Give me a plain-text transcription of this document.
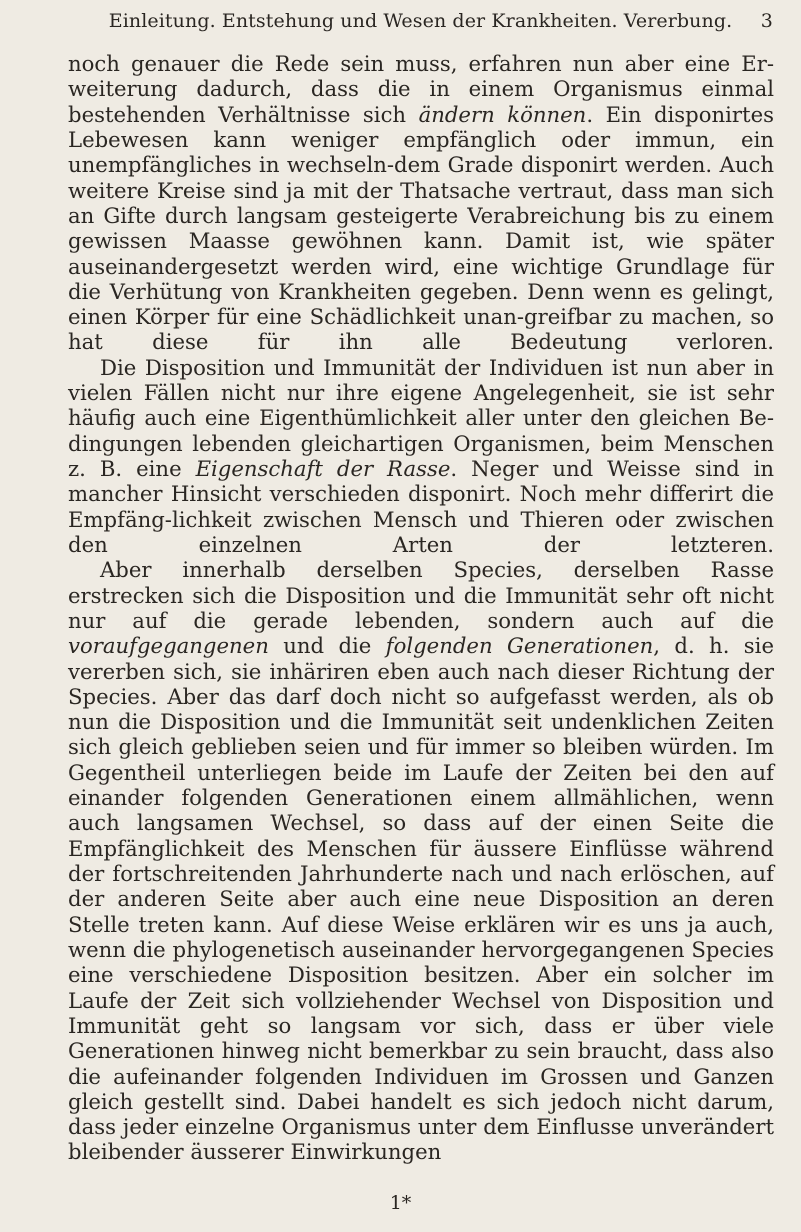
Einleitung. Entstehung und Wesen der Krankheiten. Vererbung. 3

noch genauer die Rede sein muss, erfahren nun aber eine Er-weiterung dadurch, dass die in einem Organismus einmal bestehenden Verhältnisse sich ändern können. Ein disponirtes Lebewesen kann weniger empfänglich oder immun, ein unempfängliches in wechseln-dem Grade disponirt werden. Auch weitere Kreise sind ja mit der Thatsache vertraut, dass man sich an Gifte durch langsam gesteigerte Verabreichung bis zu einem gewissen Maasse gewöhnen kann. Damit ist, wie später auseinandergesetzt werden wird, eine wichtige Grundlage für die Verhütung von Krankheiten gegeben. Denn wenn es gelingt, einen Körper für eine Schädlichkeit unan-greifbar zu machen, so hat diese für ihn alle Bedeutung verloren.

Die Disposition und Immunität der Individuen ist nun aber in vielen Fällen nicht nur ihre eigene Angelegenheit, sie ist sehr häufig auch eine Eigenthümlichkeit aller unter den gleichen Be-dingungen lebenden gleichartigen Organismen, beim Menschen z. B. eine Eigenschaft der Rasse. Neger und Weisse sind in mancher Hinsicht verschieden disponirt. Noch mehr differirt die Empfäng-lichkeit zwischen Mensch und Thieren oder zwischen den einzelnen Arten der letzteren.

Aber innerhalb derselben Species, derselben Rasse erstrecken sich die Disposition und die Immunität sehr oft nicht nur auf die gerade lebenden, sondern auch auf die voraufgegangenen und die folgenden Generationen, d. h. sie vererben sich, sie inhäriren eben auch nach dieser Richtung der Species. Aber das darf doch nicht so aufgefasst werden, als ob nun die Disposition und die Immunität seit undenklichen Zeiten sich gleich geblieben seien und für immer so bleiben würden. Im Gegentheil unterliegen beide im Laufe der Zeiten bei den auf einander folgenden Generationen einem allmählichen, wenn auch langsamen Wechsel, so dass auf der einen Seite die Empfänglichkeit des Menschen für äussere Einflüsse während der fortschreitenden Jahrhunderte nach und nach erlöschen, auf der anderen Seite aber auch eine neue Disposition an deren Stelle treten kann. Auf diese Weise erklären wir es uns ja auch, wenn die phylogenetisch auseinander hervorgegangenen Species eine verschiedene Disposition besitzen. Aber ein solcher im Laufe der Zeit sich vollziehender Wechsel von Disposition und Immunität geht so langsam vor sich, dass er über viele Generationen hinweg nicht bemerkbar zu sein braucht, dass also die aufeinander folgenden Individuen im Grossen und Ganzen gleich gestellt sind. Dabei handelt es sich jedoch nicht darum, dass jeder einzelne Organismus unter dem Einflusse unverändert bleibender äusserer Einwirkungen

1*
